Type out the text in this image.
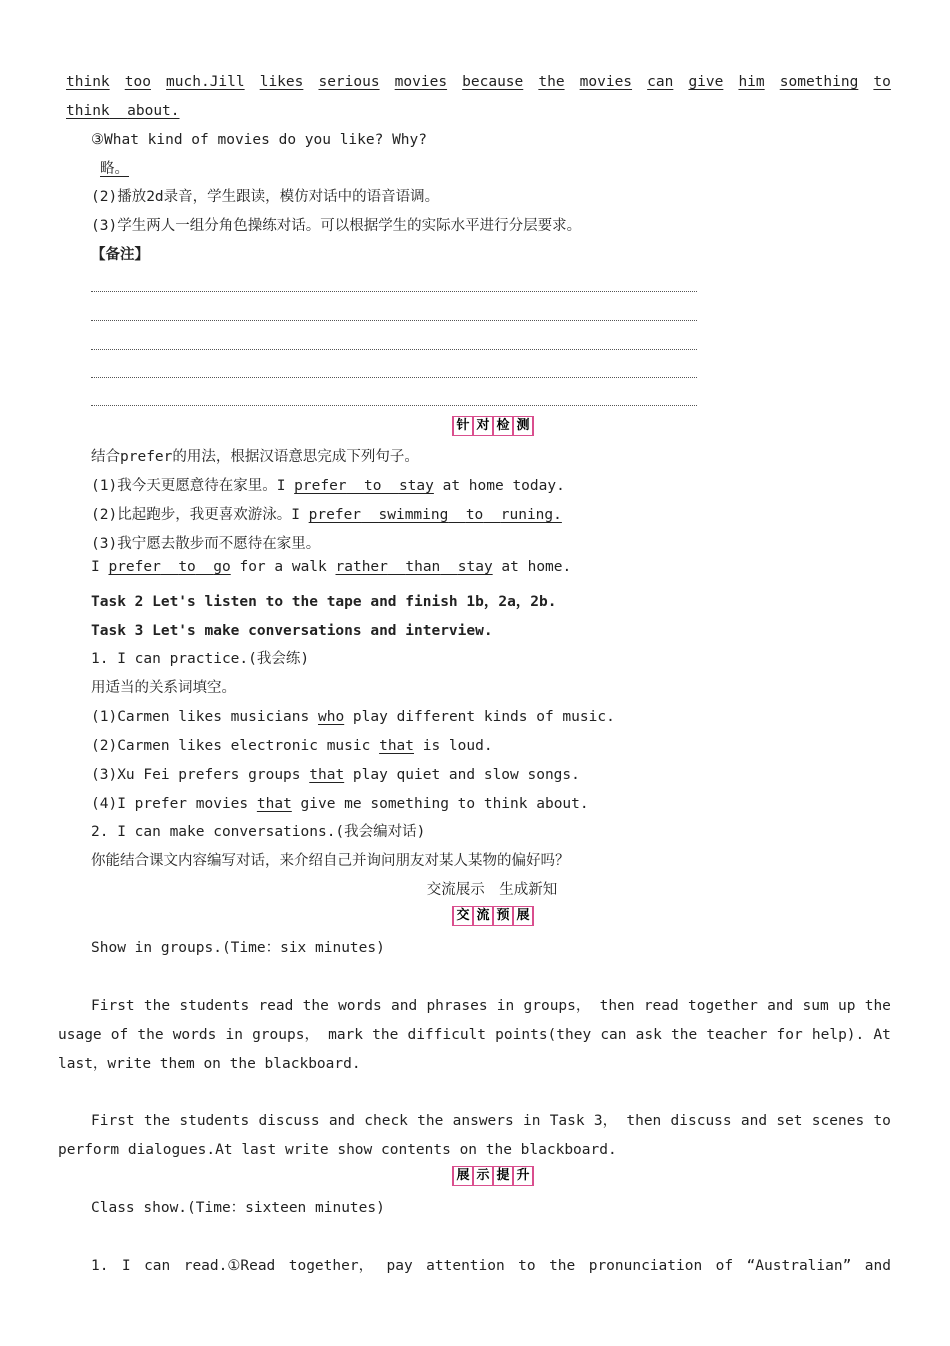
think too much.Jill likes serious movies because the movies can give him something to
think about.
③What kind of movies do you like? Why?
略。
(2)播放2d录音，学生跟读，模仿对话中的语音语调。
(3)学生两人一组分角色操练对话。可以根据学生的实际水平进行分层要求。
【备注】
针 对 检 测
结合prefer的用法，根据汉语意思完成下列句子。
(1)我今天更愿意待在家里。I prefer to stay at home today.
(2)比起跑步，我更喜欢游泳。I prefer swimming to runing.
(3)我宁愿去散步而不愿待在家里。
I prefer to go for a walk rather than stay at home.
Task 2 Let's listen to the tape and finish 1b，2a，2b.
Task 3 Let's make conversations and interview.
1. I can practice.(我会练)
用适当的关系词填空。
(1)Carmen likes musicians who play different kinds of music.
(2)Carmen likes electronic music that is loud.
(3)Xu Fei prefers groups that play quiet and slow songs.
(4)I prefer movies that give me something to think about.
2. I can make conversations.(我会编对话)
你能结合课文内容编写对话，来介绍自己并询问朋友对某人某物的偏好吗？
交流展示　生成新知
交 流 预 展
Show in groups.(Time：six minutes)
First the students read the words and phrases in groups， then read together and sum up the
usage of the words in groups， mark the difficult points(they can ask the teacher for help). At
last，write them on the blackboard.
First the students discuss and check the answers in Task 3， then discuss and set scenes to
perform dialogues.At last write show contents on the blackboard.
展 示 提 升
Class show.(Time：sixteen minutes)
1. I can read.①Read together， pay attention to the pronunciation of “Australian” and
